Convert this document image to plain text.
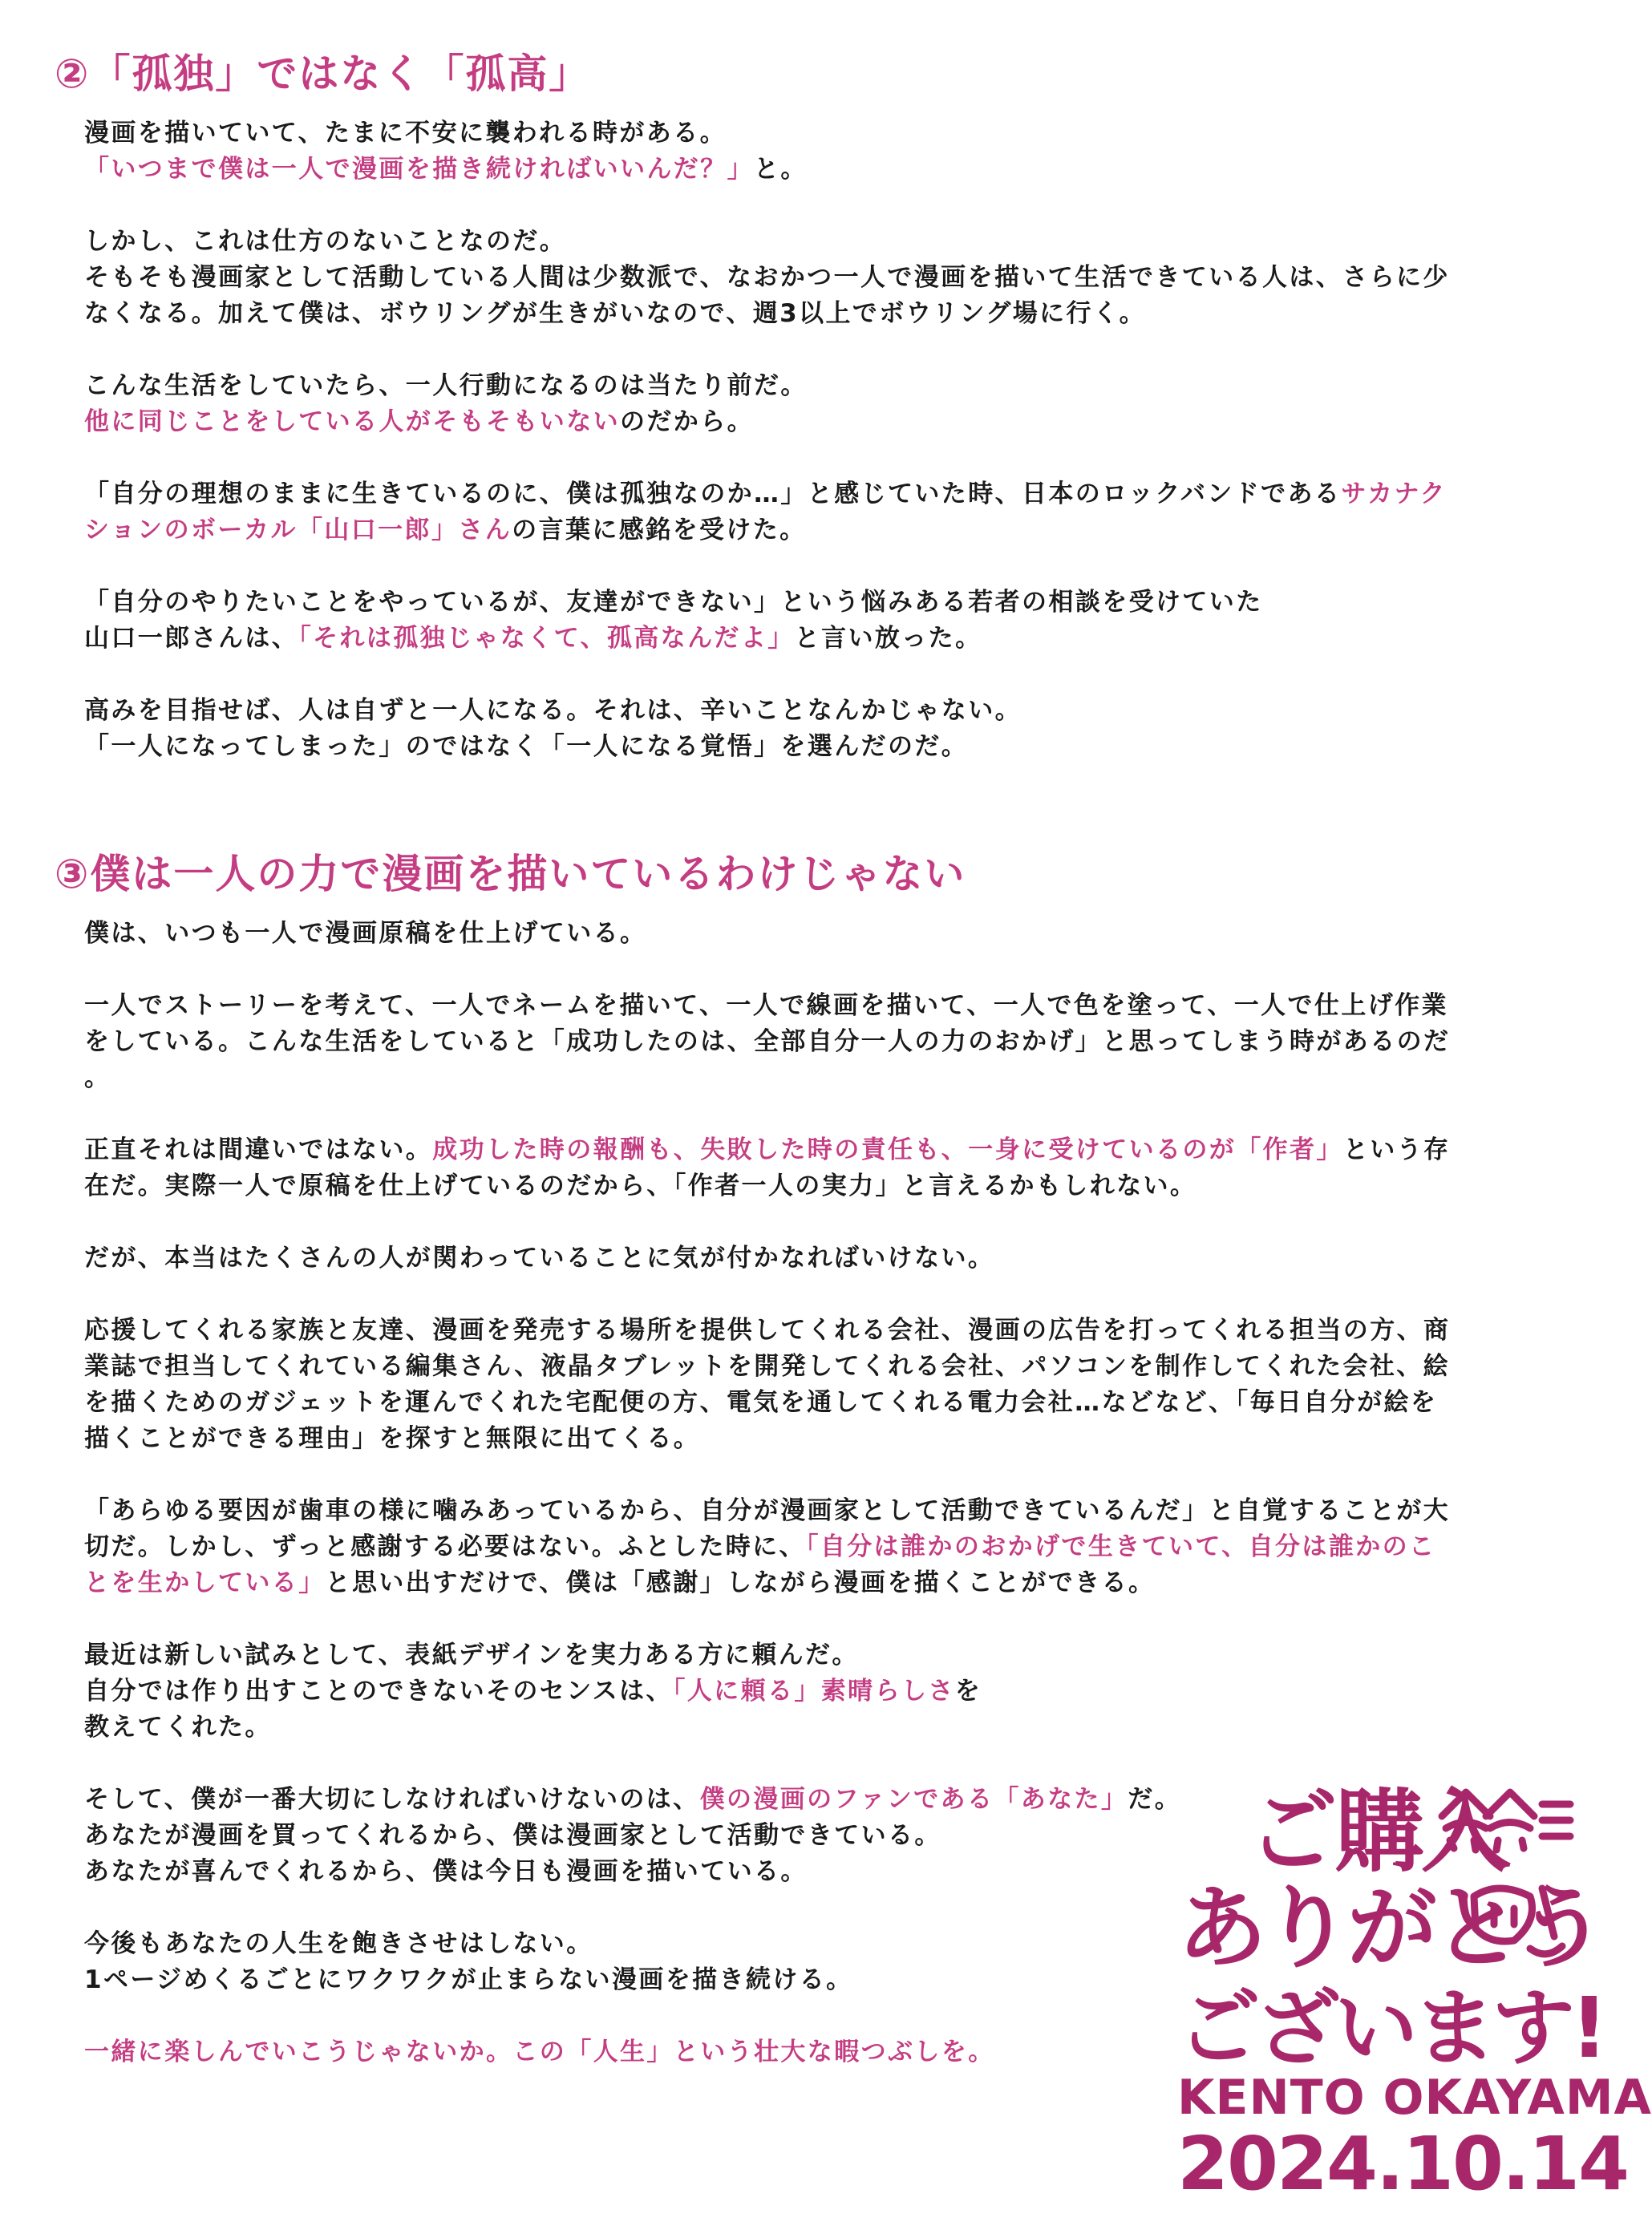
②「孤独」ではなく「孤高」

漫画を描いていて、たまに不安に襲われる時がある。
「いつまで僕は一人で漫画を描き続ければいいんだ？」と。

しかし、これは仕方のないことなのだ。
そもそも漫画家として活動している人間は少数派で、なおかつ一人で漫画を描いて生活できている人は、さらに少
なくなる。加えて僕は、ボウリングが生きがいなので、週3以上でボウリング場に行く。

こんな生活をしていたら、一人行動になるのは当たり前だ。
他に同じことをしている人がそもそもいないのだから。

「自分の理想のままに生きているのに、僕は孤独なのか…」と感じていた時、日本のロックバンドであるサカナク
ションのボーカル「山口一郎」さんの言葉に感銘を受けた。

「自分のやりたいことをやっているが、友達ができない」という悩みある若者の相談を受けていた
山口一郎さんは、「それは孤独じゃなくて、孤高なんだよ」と言い放った。

高みを目指せば、人は自ずと一人になる。それは、辛いことなんかじゃない。
「一人になってしまった」のではなく「一人になる覚悟」を選んだのだ。

③僕は一人の力で漫画を描いているわけじゃない

僕は、いつも一人で漫画原稿を仕上げている。

一人でストーリーを考えて、一人でネームを描いて、一人で線画を描いて、一人で色を塗って、一人で仕上げ作業
をしている。こんな生活をしていると「成功したのは、全部自分一人の力のおかげ」と思ってしまう時があるのだ
。

正直それは間違いではない。成功した時の報酬も、失敗した時の責任も、一身に受けているのが「作者」という存
在だ。実際一人で原稿を仕上げているのだから、「作者一人の実力」と言えるかもしれない。

だが、本当はたくさんの人が関わっていることに気が付かなればいけない。

応援してくれる家族と友達、漫画を発売する場所を提供してくれる会社、漫画の広告を打ってくれる担当の方、商
業誌で担当してくれている編集さん、液晶タブレットを開発してくれる会社、パソコンを制作してくれた会社、絵
を描くためのガジェットを運んでくれた宅配便の方、電気を通してくれる電力会社…などなど、「毎日自分が絵を
描くことができる理由」を探すと無限に出てくる。

「あらゆる要因が歯車の様に噛みあっているから、自分が漫画家として活動できているんだ」と自覚することが大
切だ。しかし、ずっと感謝する必要はない。ふとした時に、「自分は誰かのおかげで生きていて、自分は誰かのこ
とを生かしている」と思い出すだけで、僕は「感謝」しながら漫画を描くことができる。

最近は新しい試みとして、表紙デザインを実力ある方に頼んだ。
自分では作り出すことのできないそのセンスは、「人に頼る」素晴らしさを
教えてくれた。

そして、僕が一番大切にしなければいけないのは、僕の漫画のファンである「あなた」だ。
あなたが漫画を買ってくれるから、僕は漫画家として活動できている。
あなたが喜んでくれるから、僕は今日も漫画を描いている。

今後もあなたの人生を飽きさせはしない。
1ページめくるごとにワクワクが止まらない漫画を描き続ける。

一緒に楽しんでいこうじゃないか。この「人生」という壮大な暇つぶしを。

ご購入
ありがとう
ございます!
KENTO OKAYAMA
2024.10.14
